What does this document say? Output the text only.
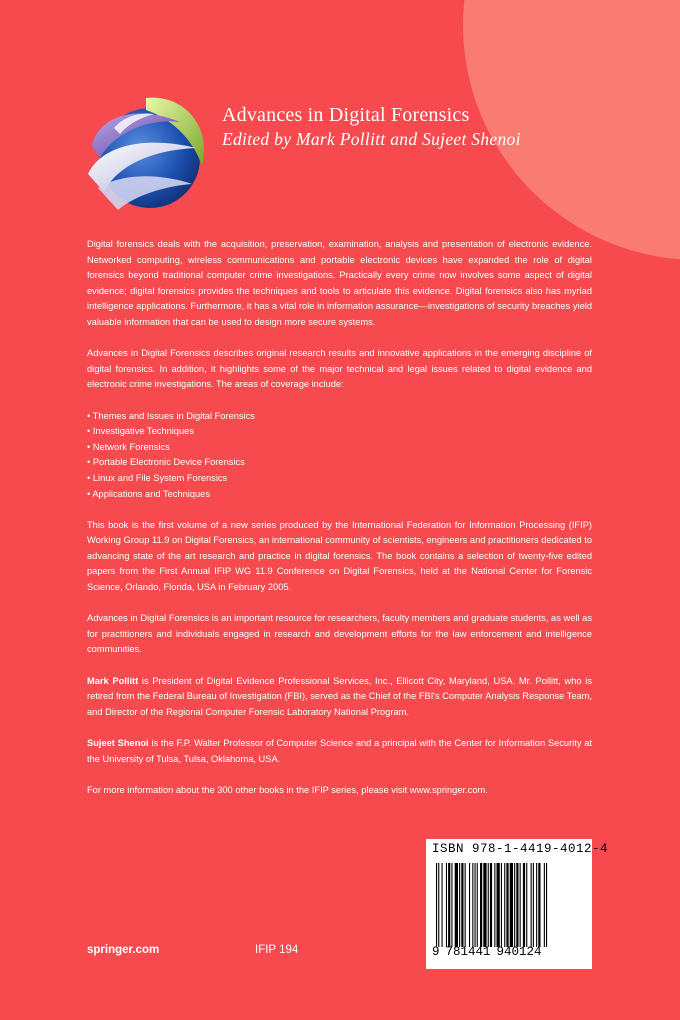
Advances in Digital Forensics
Edited by Mark Pollitt and Sujeet Shenoi

Digital forensics deals with the acquisition, preservation, examination, analysis and presentation of electronic evidence. Networked computing, wireless communications and portable electronic devices have expanded the role of digital forensics beyond traditional computer crime investigations. Practically every crime now involves some aspect of digital evidence; digital forensics provides the techniques and tools to articulate this evidence. Digital forensics also has myriad intelligence applications. Furthermore, it has a vital role in information assurance—investigations of security breaches yield valuable information that can be used to design more secure systems.

Advances in Digital Forensics describes original research results and innovative applications in the emerging discipline of digital forensics. In addition, it highlights some of the major technical and legal issues related to digital evidence and electronic crime investigations. The areas of coverage include:

• Themes and Issues in Digital Forensics
• Investigative Techniques
• Network Forensics
• Portable Electronic Device Forensics
• Linux and File System Forensics
• Applications and Techniques

This book is the first volume of a new series produced by the International Federation for Information Processing (IFIP) Working Group 11.9 on Digital Forensics, an international community of scientists, engineers and practitioners dedicated to advancing state of the art research and practice in digital forensics. The book contains a selection of twenty-five edited papers from the First Annual IFIP WG 11.9 Conference on Digital Forensics, held at the National Center for Forensic Science, Orlando, Florida, USA in February 2005.

Advances in Digital Forensics is an important resource for researchers, faculty members and graduate students, as well as for practitioners and individuals engaged in research and development efforts for the law enforcement and intelligence communities.

Mark Pollitt is President of Digital Evidence Professional Services, Inc., Ellicott City, Maryland, USA. Mr. Pollitt, who is retired from the Federal Bureau of Investigation (FBI), served as the Chief of the FBI's Computer Analysis Response Team, and Director of the Regional Computer Forensic Laboratory National Program.

Sujeet Shenoi is the F.P. Walter Professor of Computer Science and a principal with the Center for Information Security at the University of Tulsa, Tulsa, Oklahoma, USA.

For more information about the 300 other books in the IFIP series, please visit www.springer.com.

ISBN 978-1-4419-4012-4
9 781441 940124
springer.com	IFIP 194
